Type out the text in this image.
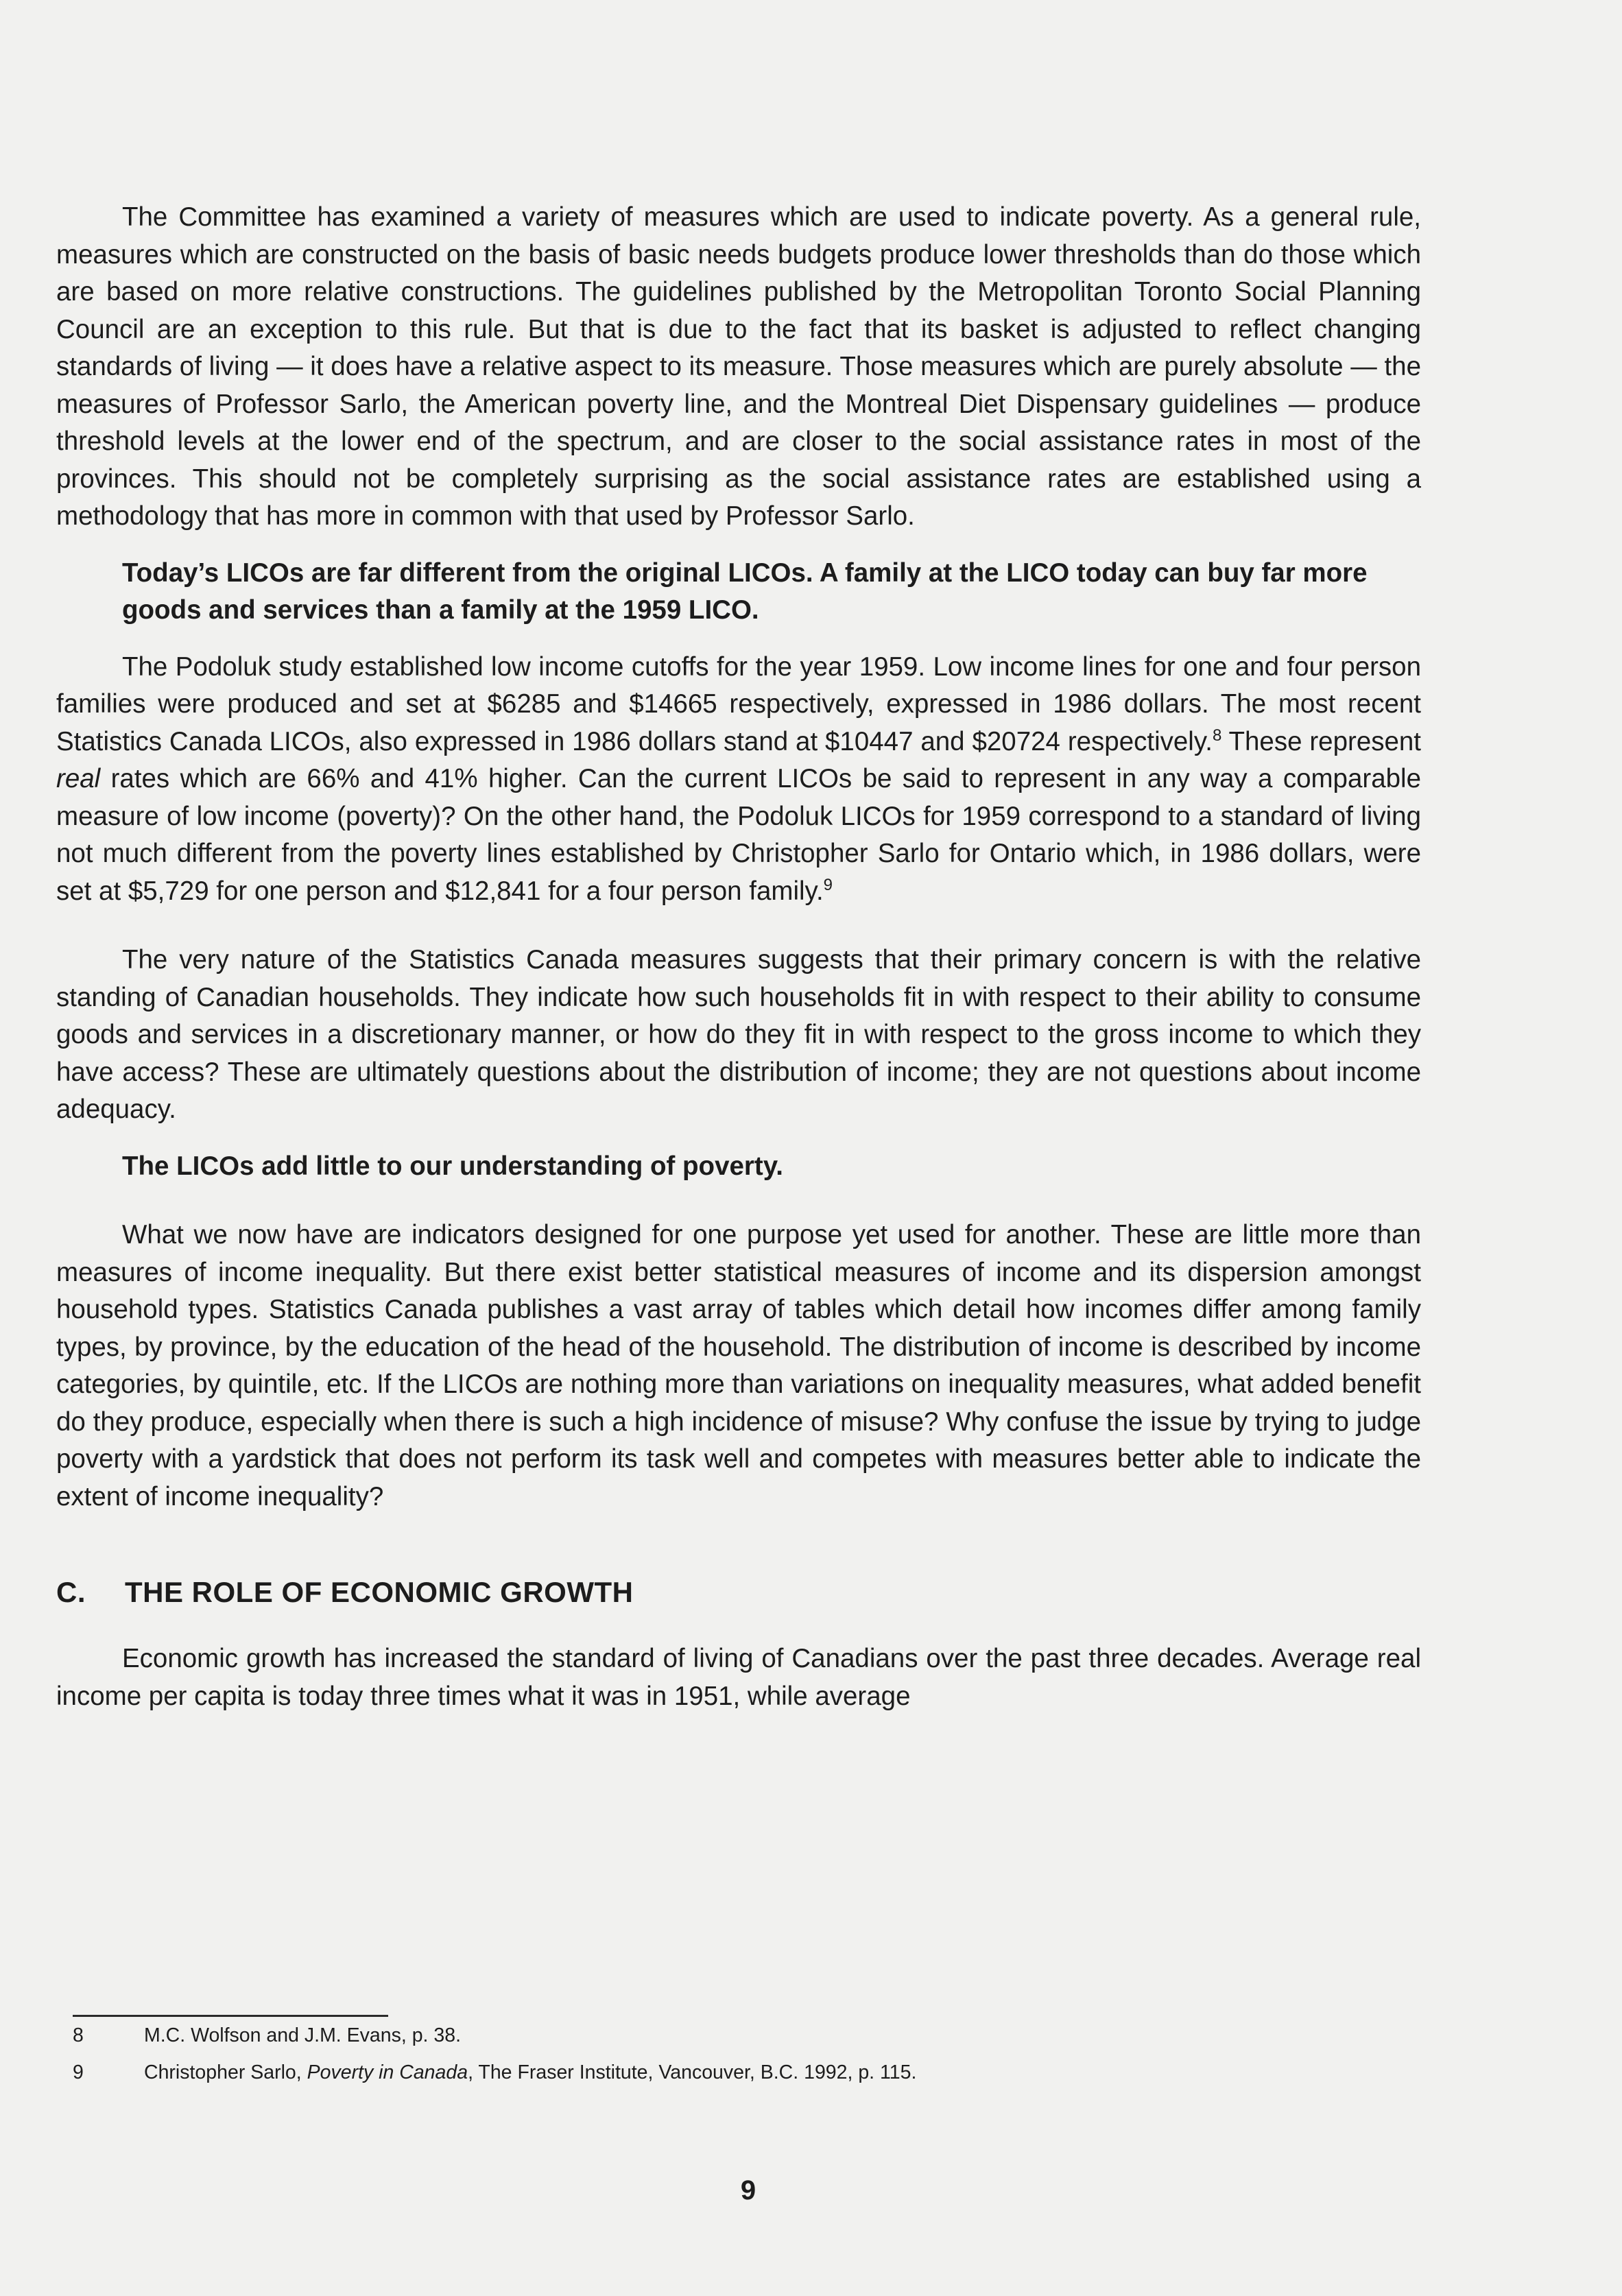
The Committee has examined a variety of measures which are used to indicate poverty. As a general rule, measures which are constructed on the basis of basic needs budgets produce lower thresholds than do those which are based on more relative constructions. The guidelines published by the Metropolitan Toronto Social Planning Council are an exception to this rule. But that is due to the fact that its basket is adjusted to reflect changing standards of living — it does have a relative aspect to its measure. Those measures which are purely absolute — the measures of Professor Sarlo, the American poverty line, and the Montreal Diet Dispensary guidelines — produce threshold levels at the lower end of the spectrum, and are closer to the social assistance rates in most of the provinces. This should not be completely surprising as the social assistance rates are established using a methodology that has more in common with that used by Professor Sarlo.

Today’s LICOs are far different from the original LICOs. A family at the LICO today can buy far more goods and services than a family at the 1959 LICO.

The Podoluk study established low income cutoffs for the year 1959. Low income lines for one and four person families were produced and set at $6285 and $14665 respectively, expressed in 1986 dollars. The most recent Statistics Canada LICOs, also expressed in 1986 dollars stand at $10447 and $20724 respectively.$^8$ These represent real rates which are 66% and 41% higher. Can the current LICOs be said to represent in any way a comparable measure of low income (poverty)? On the other hand, the Podoluk LICOs for 1959 correspond to a standard of living not much different from the poverty lines established by Christopher Sarlo for Ontario which, in 1986 dollars, were set at $5,729 for one person and $12,841 for a four person family.$^9$

The very nature of the Statistics Canada measures suggests that their primary concern is with the relative standing of Canadian households. They indicate how such households fit in with respect to their ability to consume goods and services in a discretionary manner, or how do they fit in with respect to the gross income to which they have access? These are ultimately questions about the distribution of income; they are not questions about income adequacy.

The LICOs add little to our understanding of poverty.

What we now have are indicators designed for one purpose yet used for another. These are little more than measures of income inequality. But there exist better statistical measures of income and its dispersion amongst household types. Statistics Canada publishes a vast array of tables which detail how incomes differ among family types, by province, by the education of the head of the household. The distribution of income is described by income categories, by quintile, etc. If the LICOs are nothing more than variations on inequality measures, what added benefit do they produce, especially when there is such a high incidence of misuse? Why confuse the issue by trying to judge poverty with a yardstick that does not perform its task well and competes with measures better able to indicate the extent of income inequality?

C. THE ROLE OF ECONOMIC GROWTH

Economic growth has increased the standard of living of Canadians over the past three decades. Average real income per capita is today three times what it was in 1951, while average

8	M.C. Wolfson and J.M. Evans, p. 38.
9	Christopher Sarlo, Poverty in Canada, The Fraser Institute, Vancouver, B.C. 1992, p. 115.
9
